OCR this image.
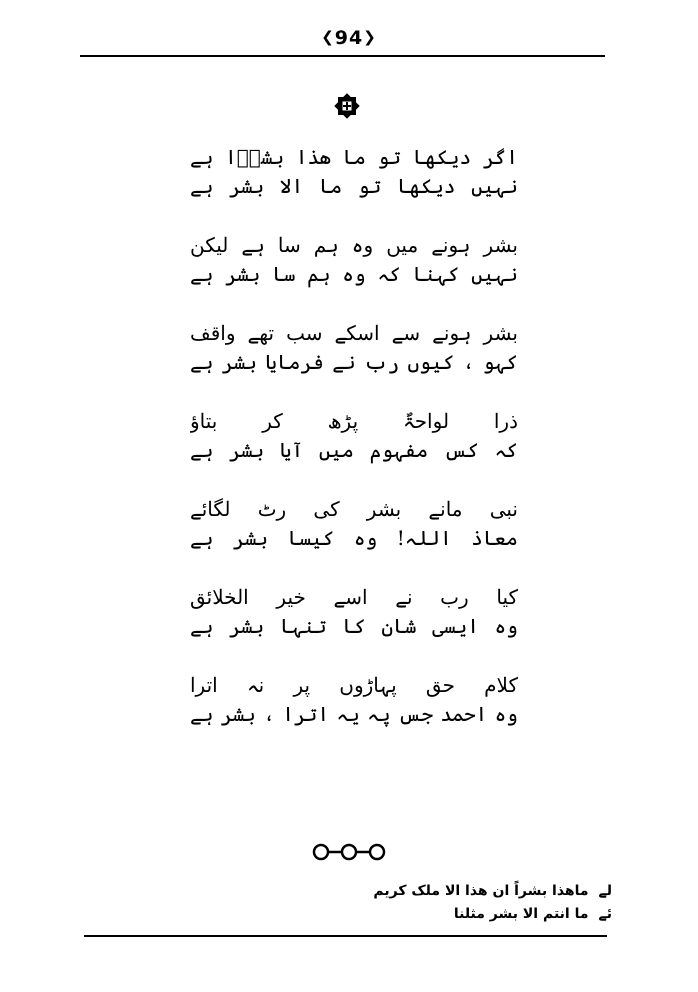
❮94❯
اگر دیکھا تو ما ھذا بشرؔا ہے
نہیں دیکھا تو ما الا بشر ہے
بشر ہونے میں وہ ہم سا ہے لیکن
نہیں کہنا کہ وہ ہم سا بشر ہے
بشر ہونے سے اسکے سب تھے واقف
کہو ، کیوں رب نے فرمایا بشر ہے
ذرا لواحۃٌ پڑھ کر بتاؤ
کہ کس مفہوم میں آیا بشر ہے
نبی مانے بشر کی رٹ لگائے
معاذ اللہ! وہ کیسا بشر ہے
کیا رب نے اسے خیر الخلائق
وہ ایسی شان کا تنہا بشر ہے
کلام حق پہاڑوں پر نہ اترا
وہ احمد جس پہ یہ اترا ، بشر ہے
لےماھذا بشراً ان ھذا الا ملک کریم
ئےما انتم الا بشر مثلنا
